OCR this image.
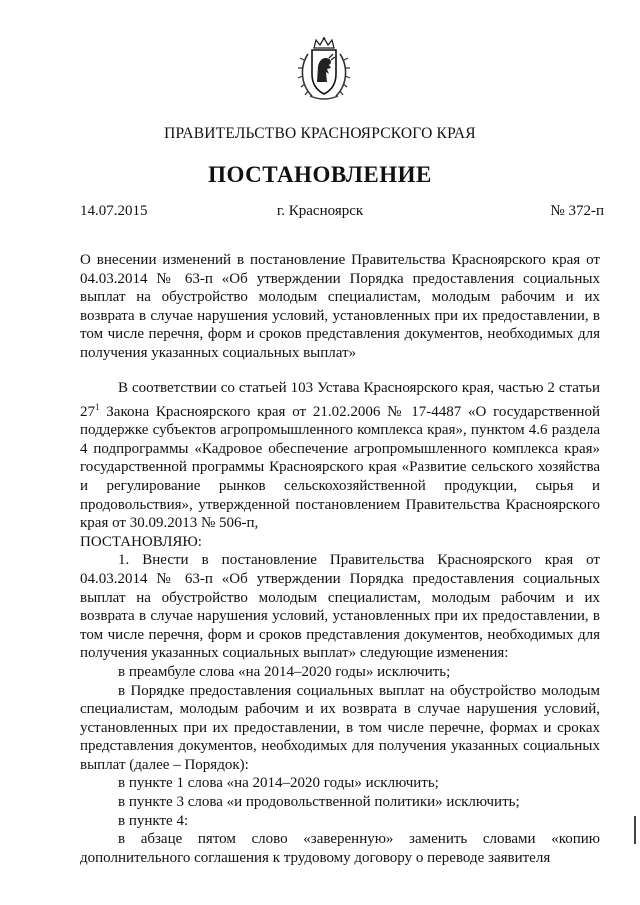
ПРАВИТЕЛЬСТВО КРАСНОЯРСКОГО КРАЯ
ПОСТАНОВЛЕНИЕ
14.07.2015	г. Красноярск	№ 372-п
О внесении изменений в постановление Правительства Красноярского края от 04.03.2014 № 63-п «Об утверждении Порядка предоставления социальных выплат на обустройство молодым специалистам, молодым рабочим и их возврата в случае нарушения условий, установленных при их предоставлении, в том числе перечня, форм и сроков представления документов, необходимых для получения указанных социальных выплат»

В соответствии со статьей 103 Устава Красноярского края, частью 2 статьи $27^1$ Закона Красноярского края от 21.02.2006 № 17-4487 «О государственной поддержке субъектов агропромышленного комплекса края», пунктом 4.6 раздела 4 подпрограммы «Кадровое обеспечение агропромышленного комплекса края» государственной программы Красноярского края «Развитие сельского хозяйства и регулирование рынков сельскохозяйственной продукции, сырья и продовольствия», утвержденной постановлением Правительства Красноярского края от 30.09.2013 № 506-п,

ПОСТАНОВЛЯЮ:

1. Внести в постановление Правительства Красноярского края от 04.03.2014 № 63-п «Об утверждении Порядка предоставления социальных выплат на обустройство молодым специалистам, молодым рабочим и их возврата в случае нарушения условий, установленных при их предоставлении, в том числе перечня, форм и сроков представления документов, необходимых для получения указанных социальных выплат» следующие изменения:

в преамбуле слова «на 2014–2020 годы» исключить;

в Порядке предоставления социальных выплат на обустройство молодым специалистам, молодым рабочим и их возврата в случае нарушения условий, установленных при их предоставлении, в том числе перечне, формах и сроках представления документов, необходимых для получения указанных социальных выплат (далее – Порядок):

в пункте 1 слова «на 2014–2020 годы» исключить;

в пункте 3 слова «и продовольственной политики» исключить;

в пункте 4:

в абзаце пятом слово «заверенную» заменить словами «копию дополнительного соглашения к трудовому договору о переводе заявителя
